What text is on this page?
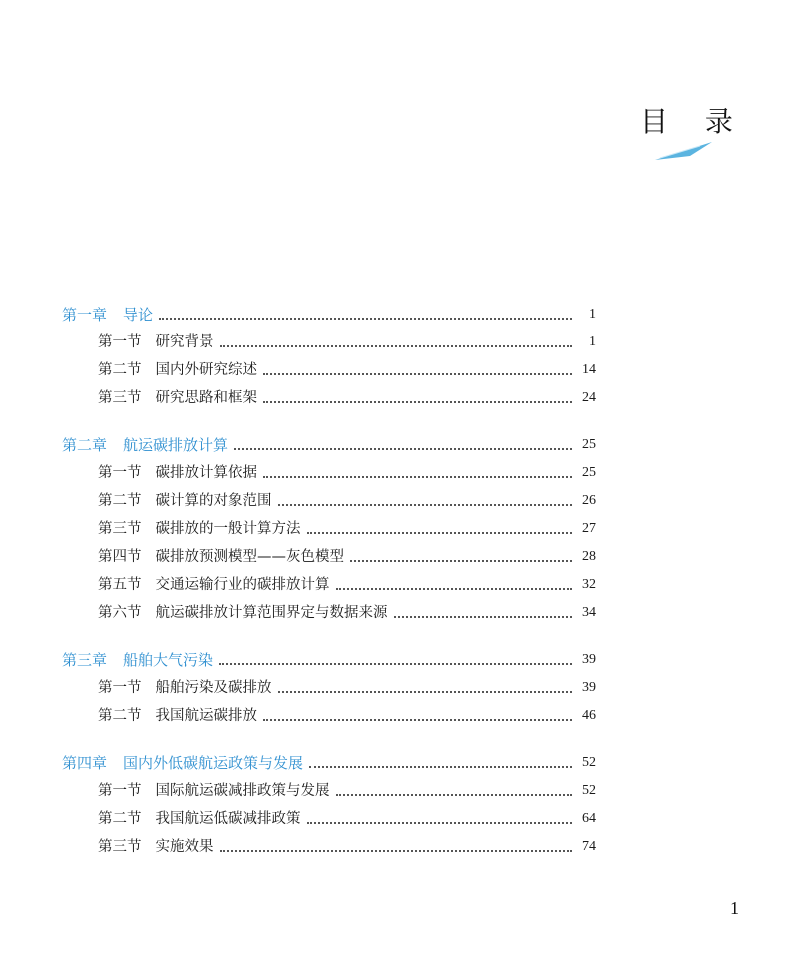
目 录
第一章 导论	1
第一节 研究背景	1
第二节 国内外研究综述	14
第三节 研究思路和框架	24
第二章 航运碳排放计算	25
第一节 碳排放计算依据	25
第二节 碳计算的对象范围	26
第三节 碳排放的一般计算方法	27
第四节 碳排放预测模型——灰色模型	28
第五节 交通运输行业的碳排放计算	32
第六节 航运碳排放计算范围界定与数据来源	34
第三章 船舶大气污染	39
第一节 船舶污染及碳排放	39
第二节 我国航运碳排放	46
第四章 国内外低碳航运政策与发展	52
第一节 国际航运碳减排政策与发展	52
第二节 我国航运低碳减排政策	64
第三节 实施效果	74
1
